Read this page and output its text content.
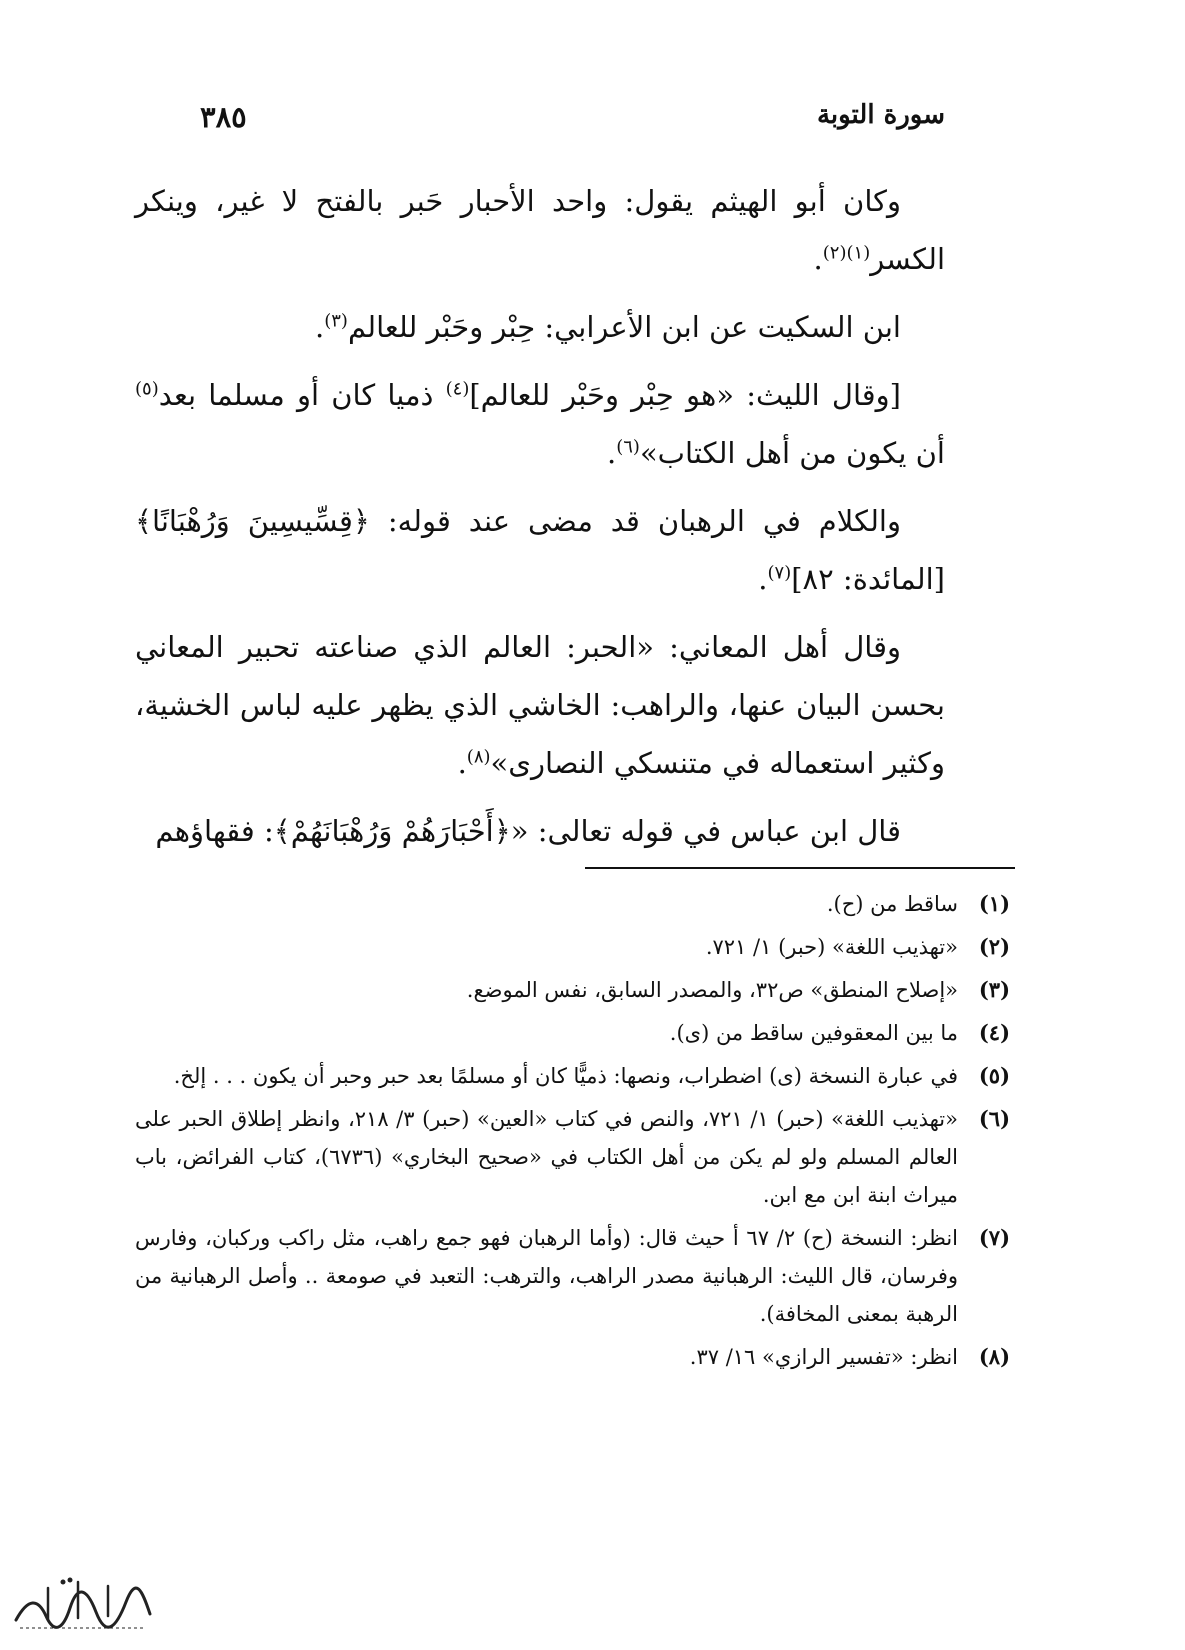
٣٨٥	سورة التوبة

وكان أبو الهيثم يقول: واحد الأحبار حَبر بالفتح لا غير، وينكر الكسر$^{(١)(٢)}$.

ابن السكيت عن ابن الأعرابي: حِبْر وحَبْر للعالم$^{(٣)}$.

[وقال الليث: «هو حِبْر وحَبْر للعالم]$^{(٤)}$ ذميا كان أو مسلما بعد$^{(٥)}$ أن يكون من أهل الكتاب»$^{(٦)}$.

والكلام في الرهبان قد مضى عند قوله: ﴿قِسِّيسِينَ وَرُهْبَانًا﴾ [المائدة: ٨٢]$^{(٧)}$.

وقال أهل المعاني: «الحبر: العالم الذي صناعته تحبير المعاني بحسن البيان عنها، والراهب: الخاشي الذي يظهر عليه لباس الخشية، وكثير استعماله في متنسكي النصارى»$^{(٨)}$.

قال ابن عباس في قوله تعالى: «﴿أَحْبَارَهُمْ وَرُهْبَانَهُمْ﴾: فقهاؤهم

(١)
ساقط من (ح).
(٢)
«تهذيب اللغة» (حبر) ١/ ٧٢١.
(٣)
«إصلاح المنطق» ص٣٢، والمصدر السابق، نفس الموضع.
(٤)
ما بين المعقوفين ساقط من (ى).
(٥)
في عبارة النسخة (ى) اضطراب، ونصها: ذميًّا كان أو مسلمًا بعد حبر وحبر أن يكون . . . إلخ.
(٦)
«تهذيب اللغة» (حبر) ١/ ٧٢١، والنص في كتاب «العين» (حبر) ٣/ ٢١٨، وانظر إطلاق الحبر على العالم المسلم ولو لم يكن من أهل الكتاب في «صحيح البخاري» (٦٧٣٦)، كتاب الفرائض، باب ميراث ابنة ابن مع ابن.
(٧)
انظر: النسخة (ح) ٢/ ٦٧ أ حيث قال: (وأما الرهبان فهو جمع راهب، مثل راكب وركبان، وفارس وفرسان، قال الليث: الرهبانية مصدر الراهب، والترهب: التعبد في صومعة .. وأصل الرهبانية من الرهبة بمعنى المخافة).
(٨)
انظر: «تفسير الرازي» ١٦/ ٣٧.
